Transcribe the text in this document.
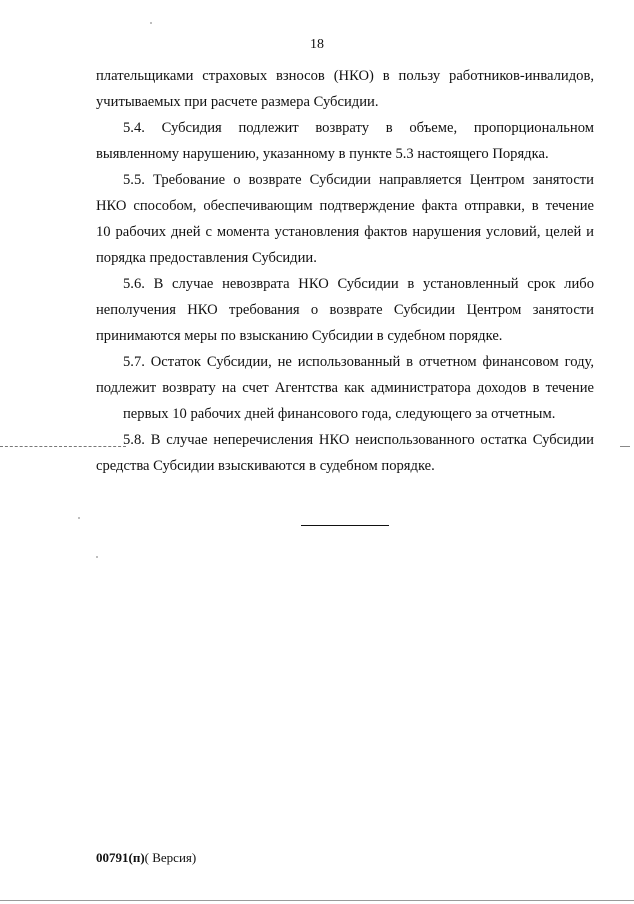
18
плательщиками страховых взносов (НКО) в пользу работников-инвалидов,
учитываемых при расчете размера Субсидии.
5.4. Субсидия подлежит возврату в объеме, пропорциональном
выявленному нарушению, указанному в пункте 5.3 настоящего Порядка.
5.5. Требование о возврате Субсидии направляется Центром занятости
НКО способом, обеспечивающим подтверждение факта отправки, в течение
10 рабочих дней с момента установления фактов нарушения условий, целей и
порядка предоставления Субсидии.
5.6. В случае невозврата НКО Субсидии в установленный срок либо
неполучения НКО требования о возврате Субсидии Центром занятости
принимаются меры по взысканию Субсидии в судебном порядке.
5.7. Остаток Субсидии, не использованный в отчетном финансовом году,
подлежит возврату на счет Агентства как администратора доходов в течение
первых 10 рабочих дней финансового года, следующего за отчетным.
5.8. В случае неперечисления НКО неиспользованного остатка Субсидии
средства Субсидии взыскиваются в судебном порядке.
00791(п)( Версия)
